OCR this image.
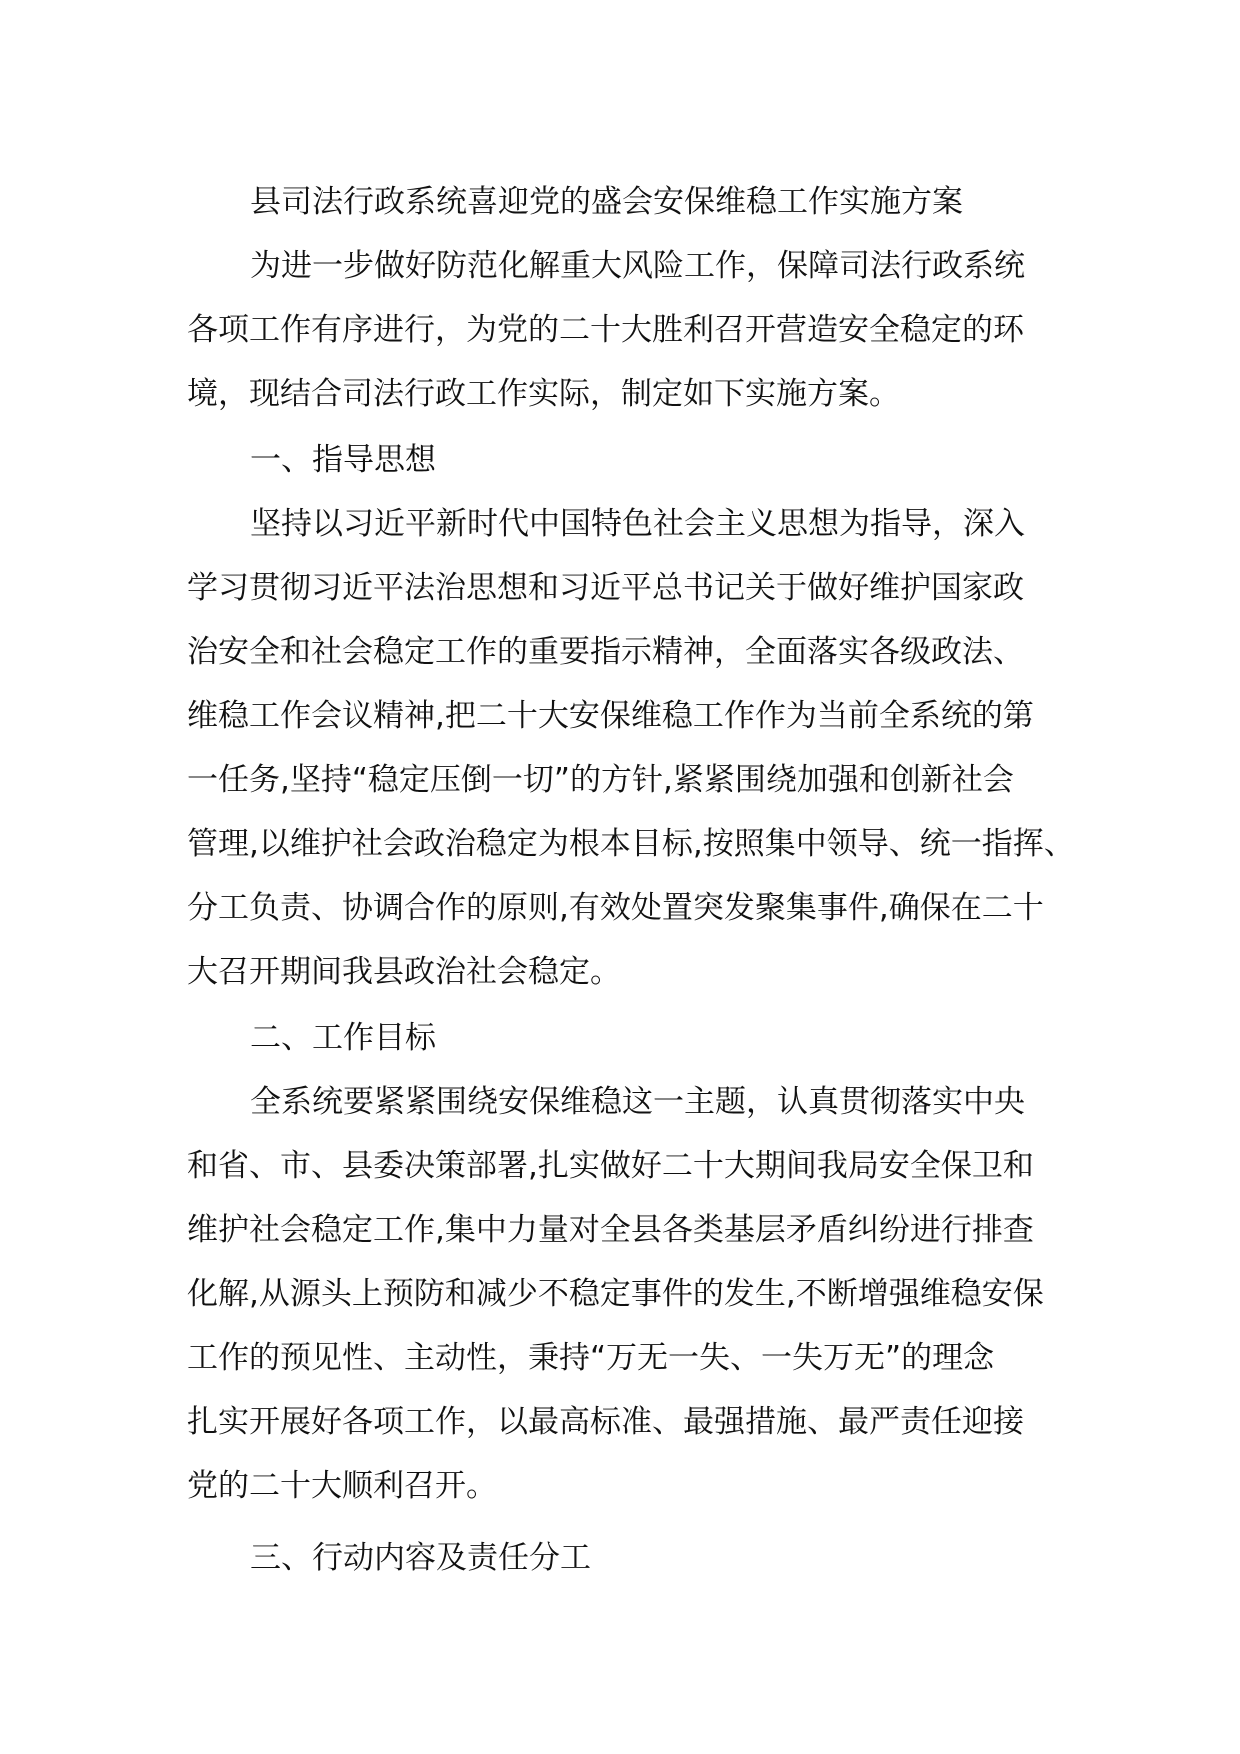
县司法行政系统喜迎党的盛会安保维稳工作实施方案
为进一步做好防范化解重大风险工作，保障司法行政系统
各项工作有序进行，为党的二十大胜利召开营造安全稳定的环
境，现结合司法行政工作实际，制定如下实施方案。
一、指导思想
坚持以习近平新时代中国特色社会主义思想为指导，深入
学习贯彻习近平法治思想和习近平总书记关于做好维护国家政
治安全和社会稳定工作的重要指示精神，全面落实各级政法、
维稳工作会议精神,把二十大安保维稳工作作为当前全系统的第
一任务,坚持“稳定压倒一切”的方针,紧紧围绕加强和创新社会
管理,以维护社会政治稳定为根本目标,按照集中领导、统一指挥、
分工负责、协调合作的原则,有效处置突发聚集事件,确保在二十
大召开期间我县政治社会稳定。
二、工作目标
全系统要紧紧围绕安保维稳这一主题，认真贯彻落实中央
和省、市、县委决策部署,扎实做好二十大期间我局安全保卫和
维护社会稳定工作,集中力量对全县各类基层矛盾纠纷进行排查
化解,从源头上预防和减少不稳定事件的发生,不断增强维稳安保
工作的预见性、主动性，秉持“万无一失、一失万无”的理念
扎实开展好各项工作，以最高标准、最强措施、最严责任迎接
党的二十大顺利召开。
三、行动内容及责任分工
